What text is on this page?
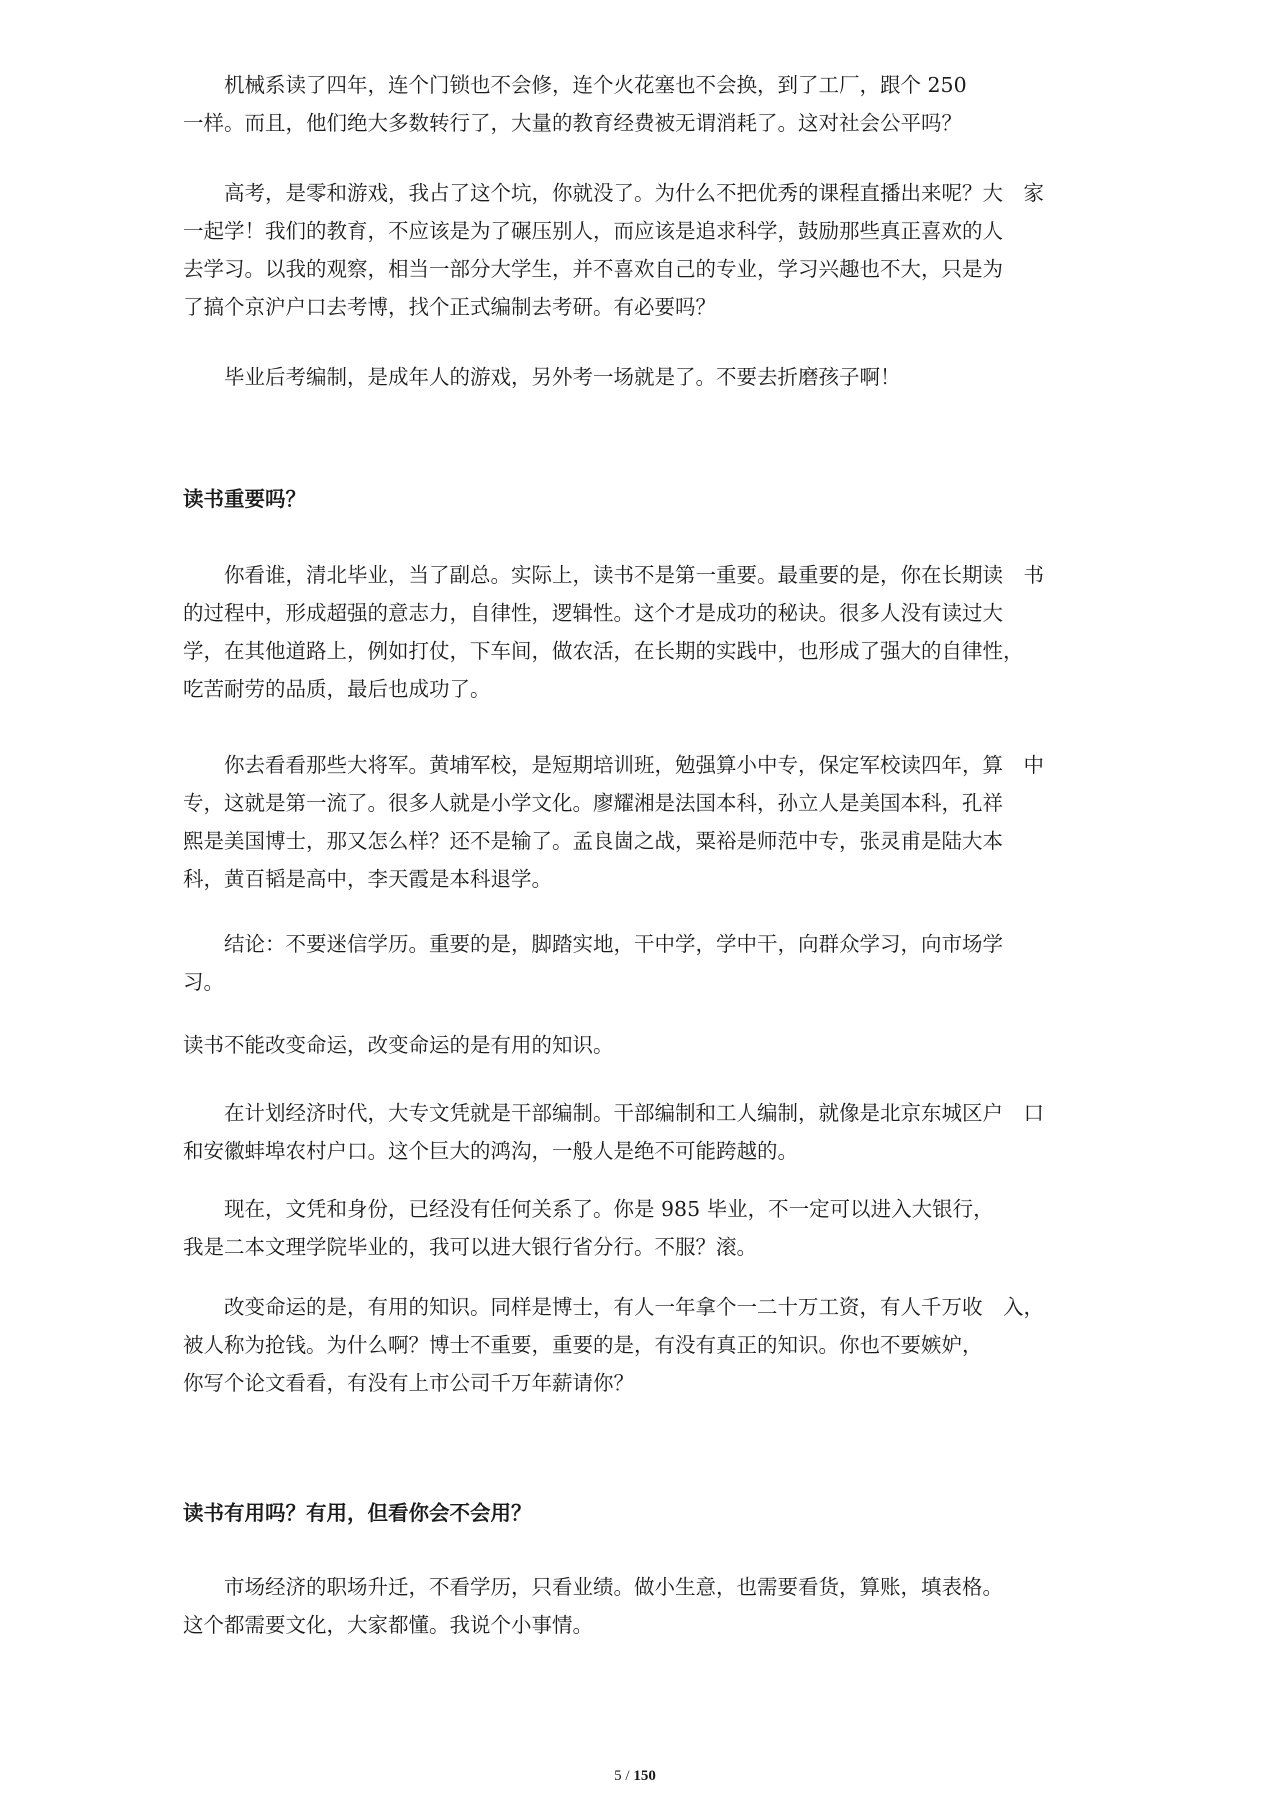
　　机械系读了四年，连个门锁也不会修，连个火花塞也不会换，到了工厂，跟个 250
一样。而且，他们绝大多数转行了，大量的教育经费被无谓消耗了。这对社会公平吗？

　　高考，是零和游戏，我占了这个坑，你就没了。为什么不把优秀的课程直播出来呢？大　家
一起学！我们的教育，不应该是为了碾压别人，而应该是追求科学，鼓励那些真正喜欢的人
去学习。以我的观察，相当一部分大学生，并不喜欢自己的专业，学习兴趣也不大，只是为
了搞个京沪户口去考博，找个正式编制去考研。有必要吗？

　　毕业后考编制，是成年人的游戏，另外考一场就是了。不要去折磨孩子啊！

读书重要吗？

　　你看谁，清北毕业，当了副总。实际上，读书不是第一重要。最重要的是，你在长期读　书
的过程中，形成超强的意志力，自律性，逻辑性。这个才是成功的秘诀。很多人没有读过大
学，在其他道路上，例如打仗，下车间，做农活，在长期的实践中，也形成了强大的自律性，
吃苦耐劳的品质，最后也成功了。

　　你去看看那些大将军。黄埔军校，是短期培训班，勉强算小中专，保定军校读四年，算　中
专，这就是第一流了。很多人就是小学文化。廖耀湘是法国本科，孙立人是美国本科，孔祥
熙是美国博士，那又怎么样？还不是输了。孟良崮之战，粟裕是师范中专，张灵甫是陆大本
科，黄百韬是高中，李天霞是本科退学。

　　结论：不要迷信学历。重要的是，脚踏实地，干中学，学中干，向群众学习，向市场学
习。

读书不能改变命运，改变命运的是有用的知识。

　　在计划经济时代，大专文凭就是干部编制。干部编制和工人编制，就像是北京东城区户　口
和安徽蚌埠农村户口。这个巨大的鸿沟，一般人是绝不可能跨越的。

　　现在，文凭和身份，已经没有任何关系了。你是 985 毕业，不一定可以进入大银行，
我是二本文理学院毕业的，我可以进大银行省分行。不服？滚。

　　改变命运的是，有用的知识。同样是博士，有人一年拿个一二十万工资，有人千万收　入，
被人称为抢钱。为什么啊？博士不重要，重要的是，有没有真正的知识。你也不要嫉妒，
你写个论文看看，有没有上市公司千万年薪请你？

读书有用吗？有用，但看你会不会用？

　　市场经济的职场升迁，不看学历，只看业绩。做小生意，也需要看货，算账，填表格。
这个都需要文化，大家都懂。我说个小事情。

5 / 150
